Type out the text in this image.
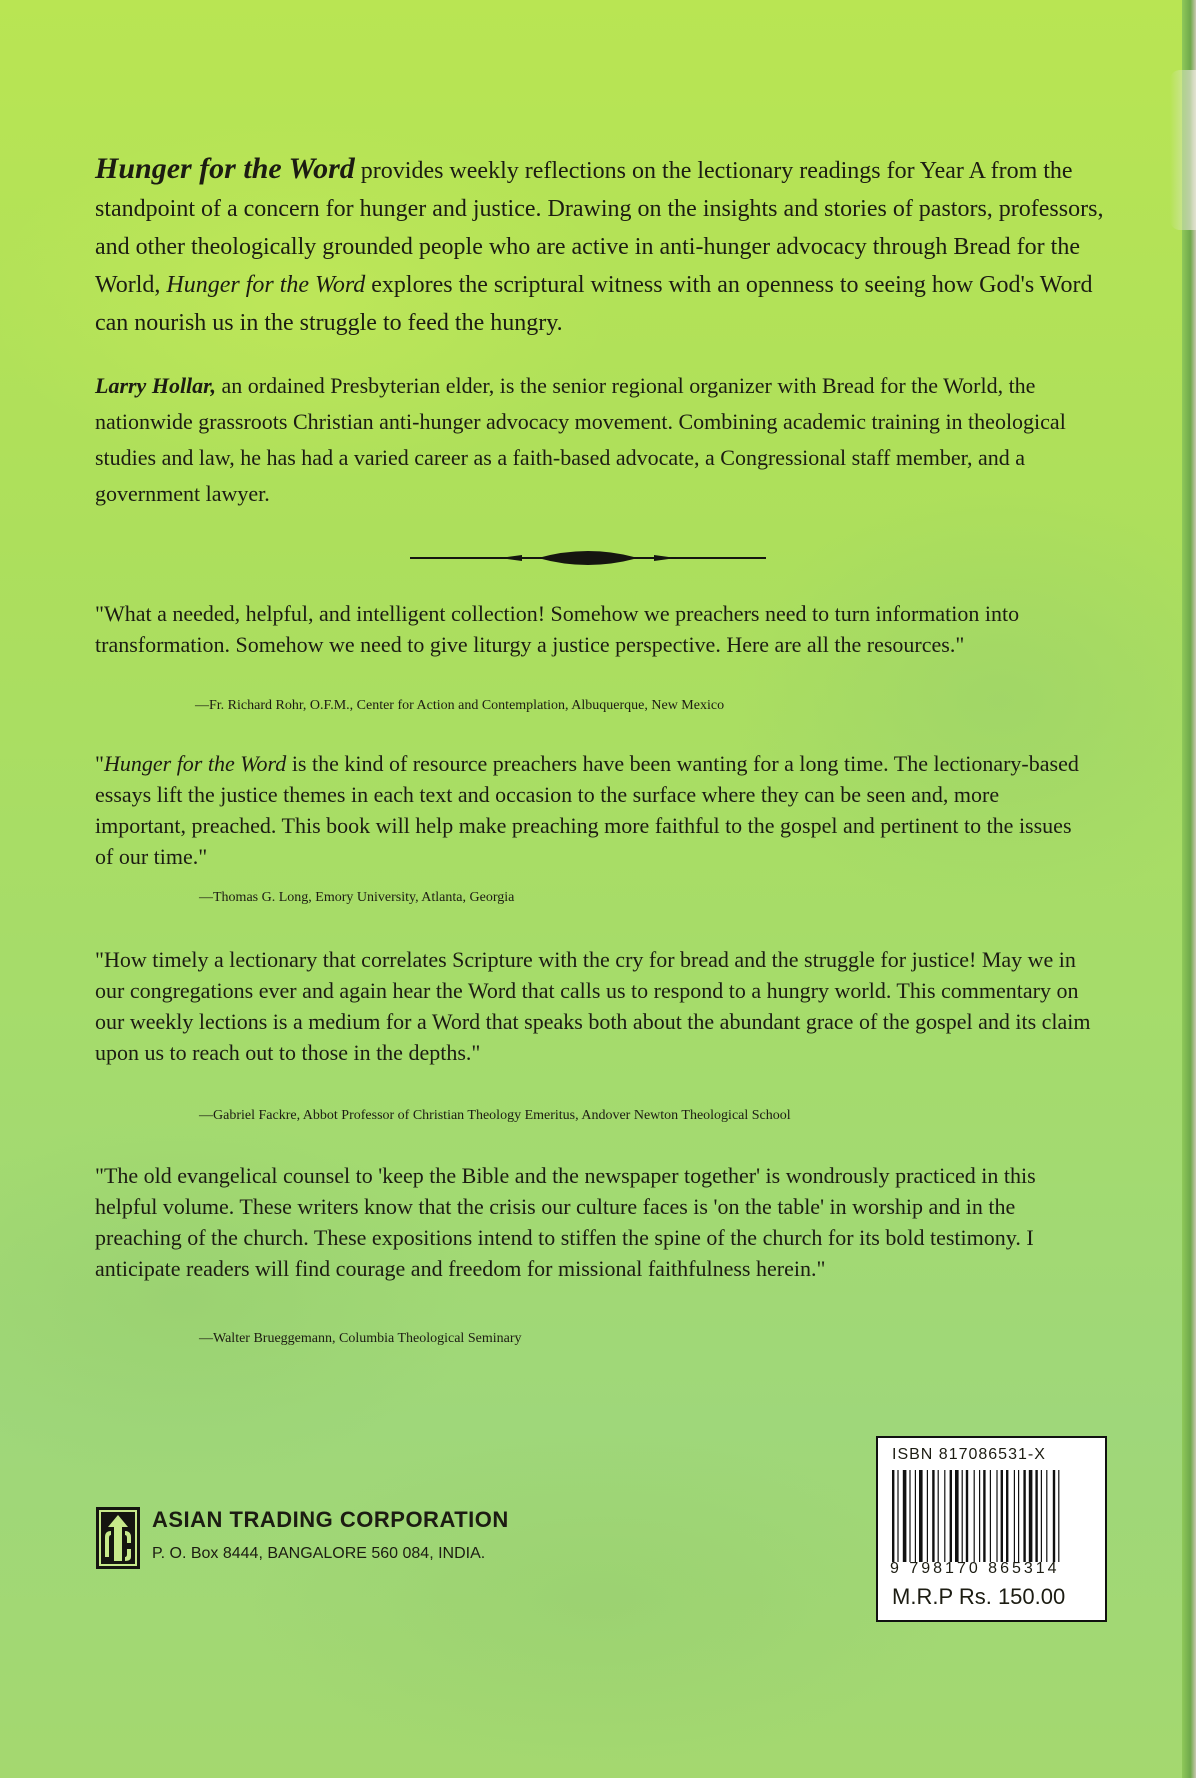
Hunger for the Word provides weekly reflections on the lectionary readings for Year A from the standpoint of a concern for hunger and justice. Drawing on the insights and stories of pastors, professors, and other theologically grounded people who are active in anti-hunger advocacy through Bread for the World, Hunger for the Word explores the scriptural witness with an openness to seeing how God's Word can nourish us in the struggle to feed the hungry.

Larry Hollar, an ordained Presbyterian elder, is the senior regional organizer with Bread for the World, the nationwide grassroots Christian anti-hunger advocacy movement. Combining academic training in theological studies and law, he has had a varied career as a faith-based advocate, a Congressional staff member, and a government lawyer.

"What a needed, helpful, and intelligent collection! Somehow we preachers need to turn information into transformation. Somehow we need to give liturgy a justice perspective. Here are all the resources."

—Fr. Richard Rohr, O.F.M., Center for Action and Contemplation, Albuquerque, New Mexico

"Hunger for the Word is the kind of resource preachers have been wanting for a long time. The lectionary-based essays lift the justice themes in each text and occasion to the surface where they can be seen and, more important, preached. This book will help make preaching more faithful to the gospel and pertinent to the issues of our time."

—Thomas G. Long, Emory University, Atlanta, Georgia

"How timely a lectionary that correlates Scripture with the cry for bread and the struggle for justice! May we in our congregations ever and again hear the Word that calls us to respond to a hungry world. This commentary on our weekly lections is a medium for a Word that speaks both about the abundant grace of the gospel and its claim upon us to reach out to those in the depths."

—Gabriel Fackre, Abbot Professor of Christian Theology Emeritus, Andover Newton Theological School

"The old evangelical counsel to 'keep the Bible and the newspaper together' is wondrously practiced in this helpful volume. These writers know that the crisis our culture faces is 'on the table' in worship and in the preaching of the church. These expositions intend to stiffen the spine of the church for its bold testimony. I anticipate readers will find courage and freedom for missional faithfulness herein."

—Walter Brueggemann, Columbia Theological Seminary

ASIAN TRADING CORPORATION
P. O. Box 8444, BANGALORE 560 084, INDIA.
ISBN 817086531-X
9 798170 865314
M.R.P Rs. 150.00
